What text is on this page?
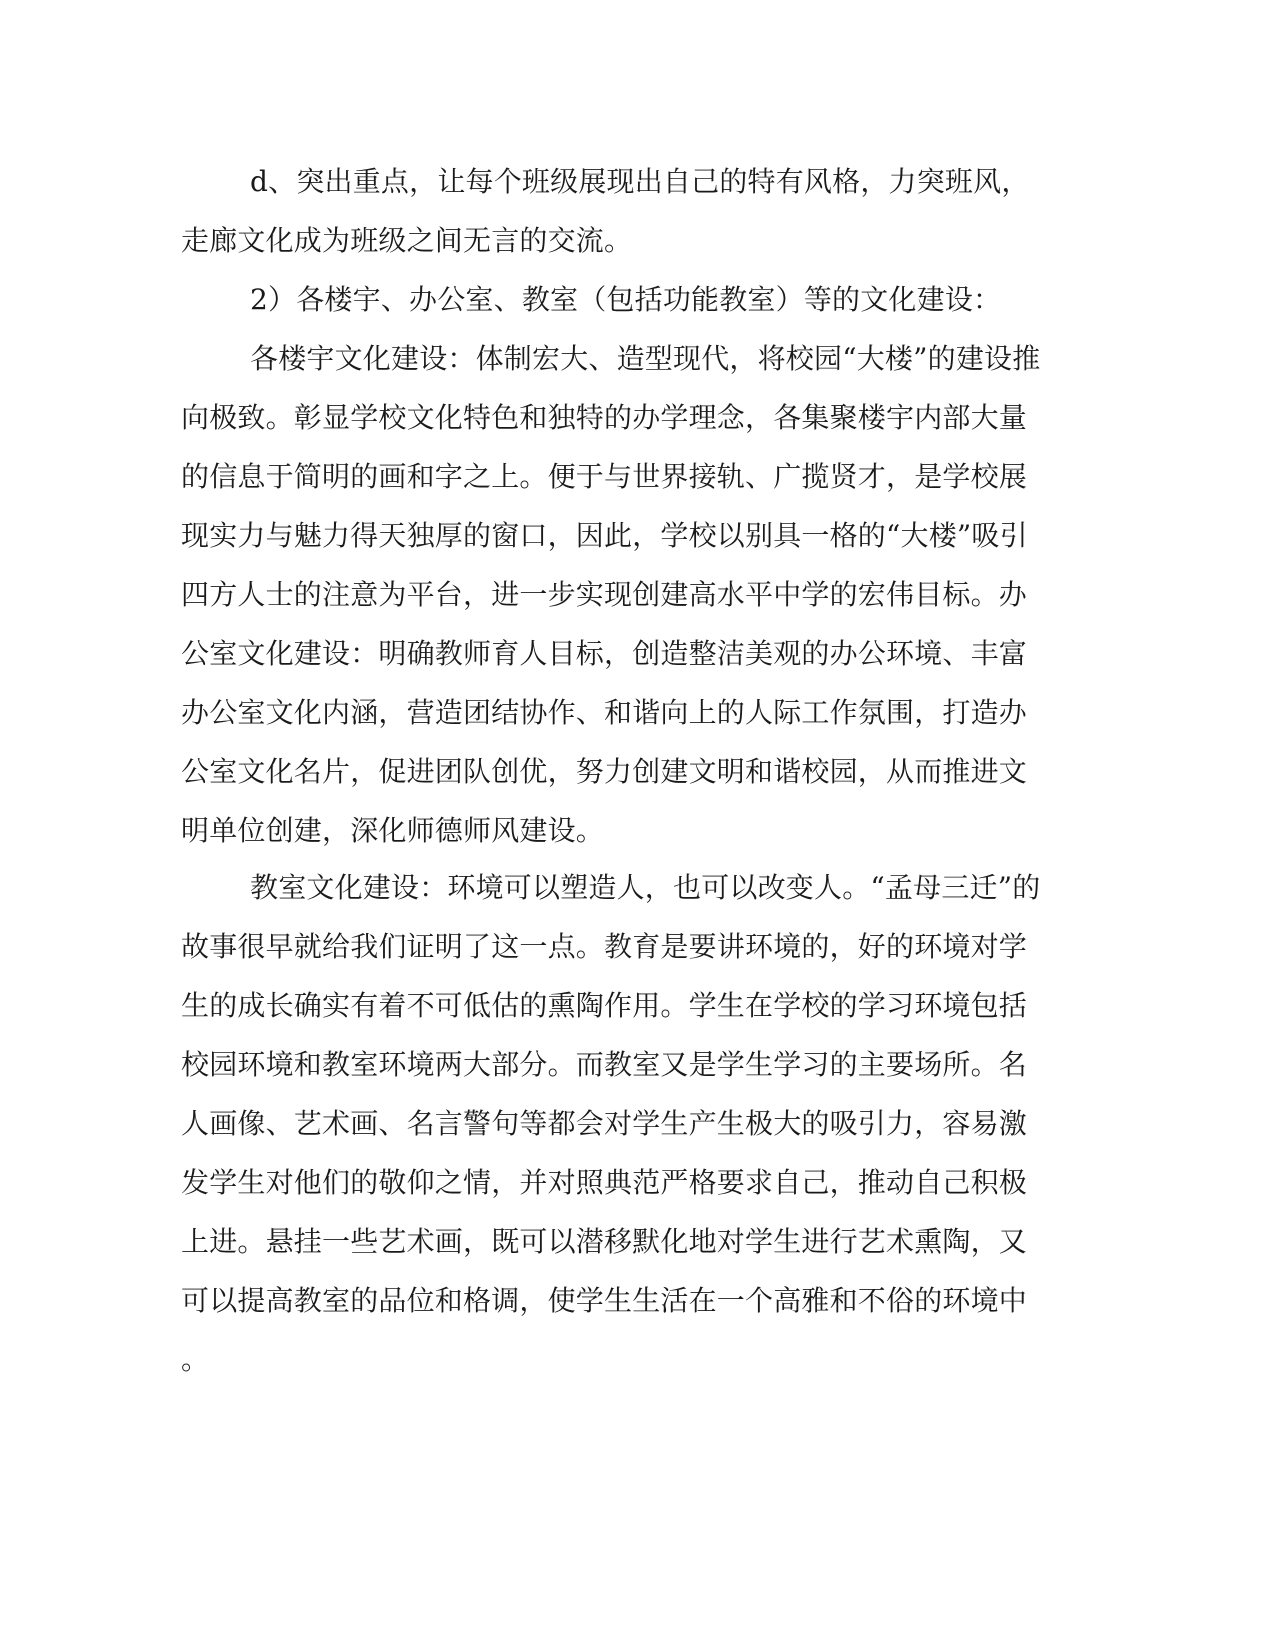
d、突出重点，让每个班级展现出自己的特有风格，力突班风，

走廊文化成为班级之间无言的交流。

2）各楼宇、办公室、教室（包括功能教室）等的文化建设：

各楼宇文化建设：体制宏大、造型现代，将校园“大楼”的建设推

向极致。彰显学校文化特色和独特的办学理念，各集聚楼宇内部大量

的信息于简明的画和字之上。便于与世界接轨、广揽贤才，是学校展

现实力与魅力得天独厚的窗口，因此，学校以别具一格的“大楼”吸引

四方人士的注意为平台，进一步实现创建高水平中学的宏伟目标。办

公室文化建设：明确教师育人目标，创造整洁美观的办公环境、丰富

办公室文化内涵，营造团结协作、和谐向上的人际工作氛围，打造办

公室文化名片，促进团队创优，努力创建文明和谐校园，从而推进文

明单位创建，深化师德师风建设。

教室文化建设：环境可以塑造人，也可以改变人。“孟母三迁”的

故事很早就给我们证明了这一点。教育是要讲环境的，好的环境对学

生的成长确实有着不可低估的熏陶作用。学生在学校的学习环境包括

校园环境和教室环境两大部分。而教室又是学生学习的主要场所。名

人画像、艺术画、名言警句等都会对学生产生极大的吸引力，容易激

发学生对他们的敬仰之情，并对照典范严格要求自己，推动自己积极

上进。悬挂一些艺术画，既可以潜移默化地对学生进行艺术熏陶，又

可以提高教室的品位和格调，使学生生活在一个高雅和不俗的环境中

。
